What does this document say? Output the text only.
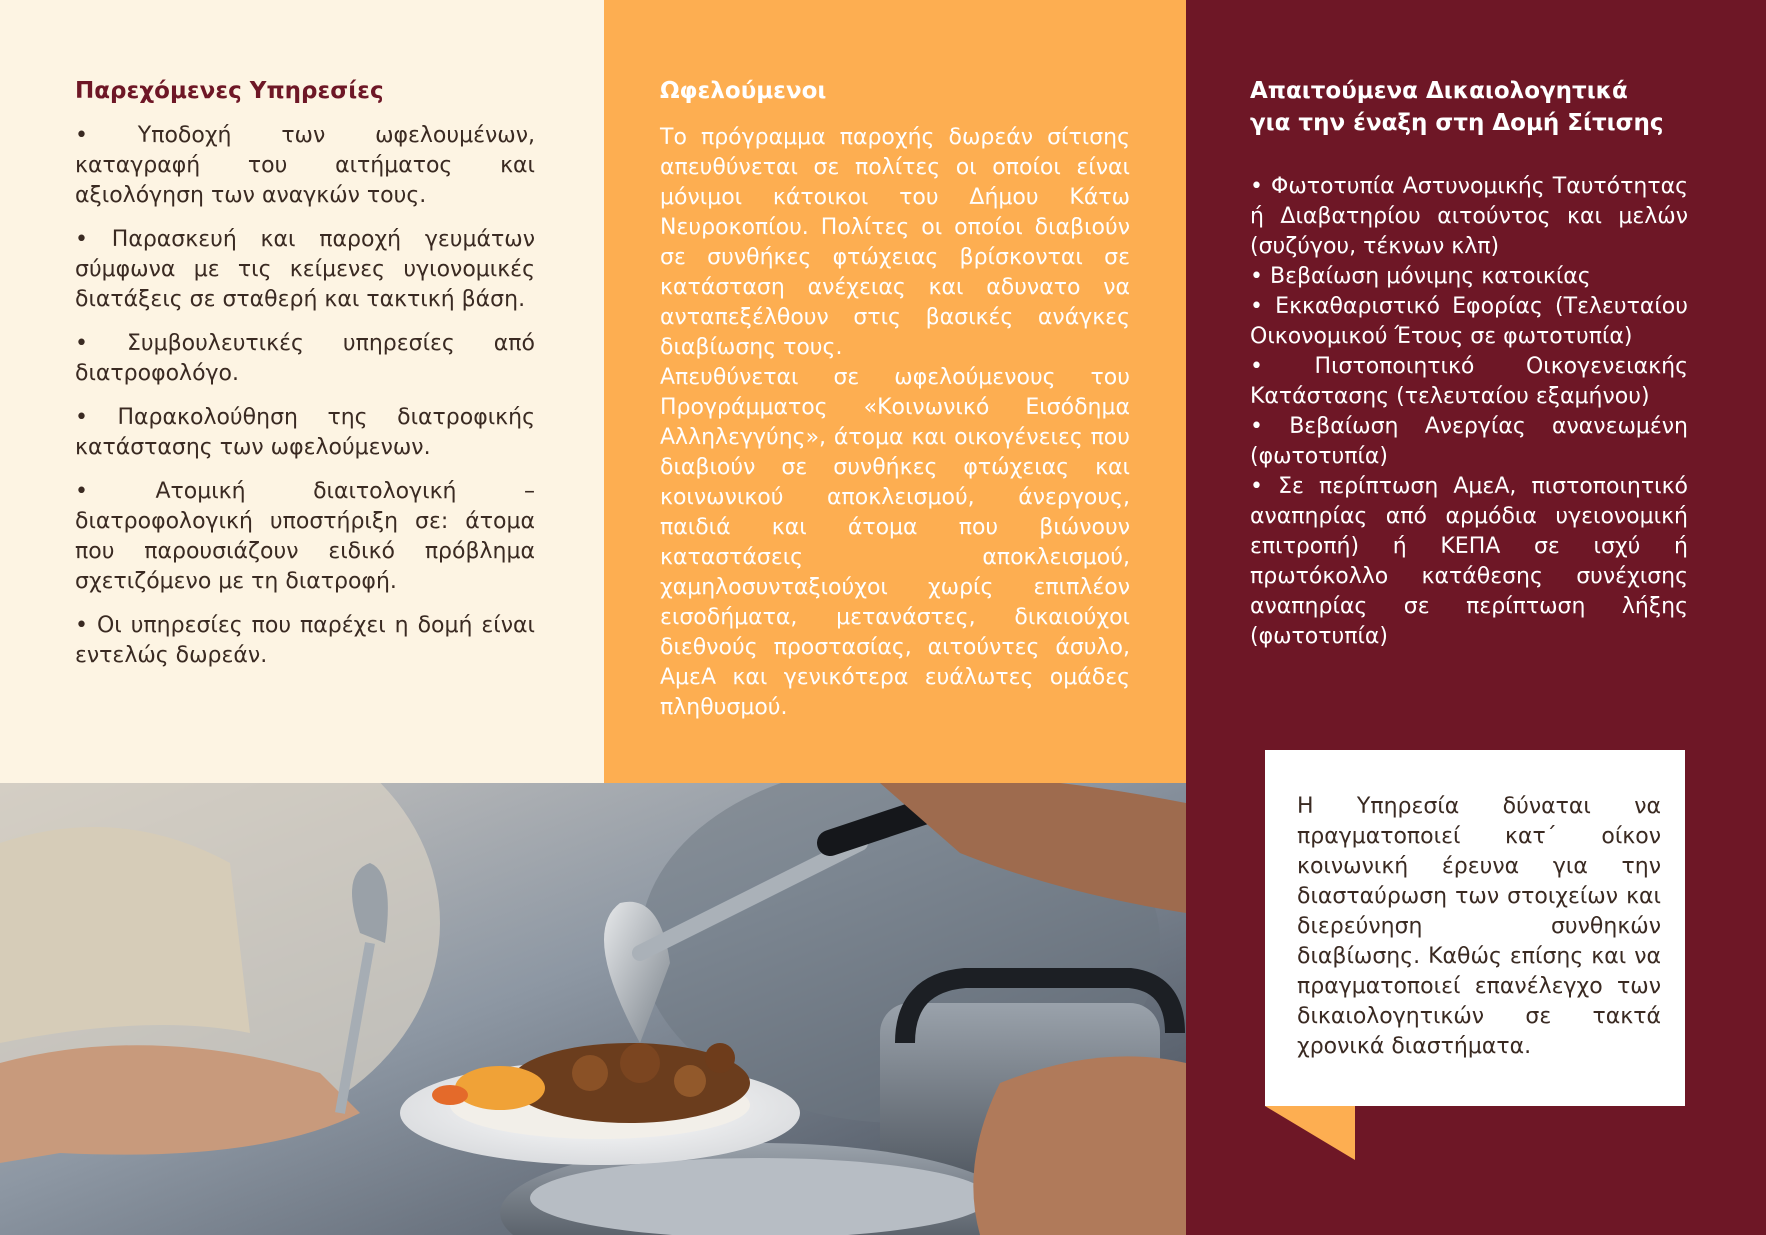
Παρεχόμενες Υπηρεσίες

• Υποδοχή των ωφελουμένων, καταγραφή του αιτήματος και αξιολόγηση των αναγκών τους.

• Παρασκευή και παροχή γευμάτων σύμφωνα με τις κείμενες υγιονομικές διατάξεις σε σταθερή και τακτική βάση.

• Συμβουλευτικές υπηρεσίες από διατροφολόγο.

• Παρακολούθηση της διατροφικής κατάστασης των ωφελούμενων.

• Ατομική διαιτολογική – διατροφολογική υποστήριξη σε: άτομα που παρουσιάζουν ειδικό πρόβλημα σχετιζόμενο με τη διατροφή.

• Οι υπηρεσίες που παρέχει η δομή είναι εντελώς δωρεάν.

Ωφελούμενοι

Το πρόγραμμα παροχής δωρεάν σίτισης απευθύνεται σε πολίτες οι οποίοι είναι μόνιμοι κάτοικοι του Δήμου Κάτω Νευροκοπίου. Πολίτες οι οποίοι διαβιούν σε συνθήκες φτώχειας βρίσκονται σε κατάσταση ανέχειας και αδυνατο να ανταπεξέλθουν στις βασικές ανάγκες διαβίωσης τους.

Απευθύνεται σε ωφελούμενους του Προγράμματος «Κοινωνικό Εισόδημα Αλληλεγγύης», άτομα και οικογένειες που διαβιούν σε συνθήκες φτώχειας και κοινωνικού αποκλεισμού, άνεργους, παιδιά και άτομα που βιώνουν καταστάσεις αποκλεισμού, χαμηλοσυνταξιούχοι χωρίς επιπλέον εισοδήματα, μετανάστες, δικαιούχοι διεθνούς προστασίας, αιτούντες άσυλο, ΑμεΑ και γενικότερα ευάλωτες ομάδες πληθυσμού.

Απαιτούμενα Δικαιολογητικά
για την έναξη στη Δομή Σίτισης

• Φωτοτυπία Αστυνομικής Ταυτότητας ή Διαβατηρίου αιτούντος και μελών (συζύγου, τέκνων κλπ)

• Βεβαίωση μόνιμης κατοικίας

• Εκκαθαριστικό Εφορίας (Τελευταίου Οικονομικού Έτους σε φωτοτυπία)

• Πιστοποιητικό Οικογενειακής Κατάστασης (τελευταίου εξαμήνου)

• Βεβαίωση Ανεργίας ανανεωμένη (φωτοτυπία)

• Σε περίπτωση ΑμεΑ, πιστοποιητικό αναπηρίας από αρμόδια υγειονομική επιτροπή) ή ΚΕΠΑ σε ισχύ ή πρωτόκολλο κατάθεσης συνέχισης αναπηρίας σε περίπτωση λήξης (φωτοτυπία)

Η Υπηρεσία δύναται να πραγματοποιεί κατ΄ οίκον κοινωνική έρευνα για την διασταύρωση των στοιχείων και διερεύνηση συνθηκών διαβίωσης. Καθώς επίσης και να πραγματοποιεί επανέλεγχο των δικαιολογητικών σε τακτά χρονικά διαστήματα.
